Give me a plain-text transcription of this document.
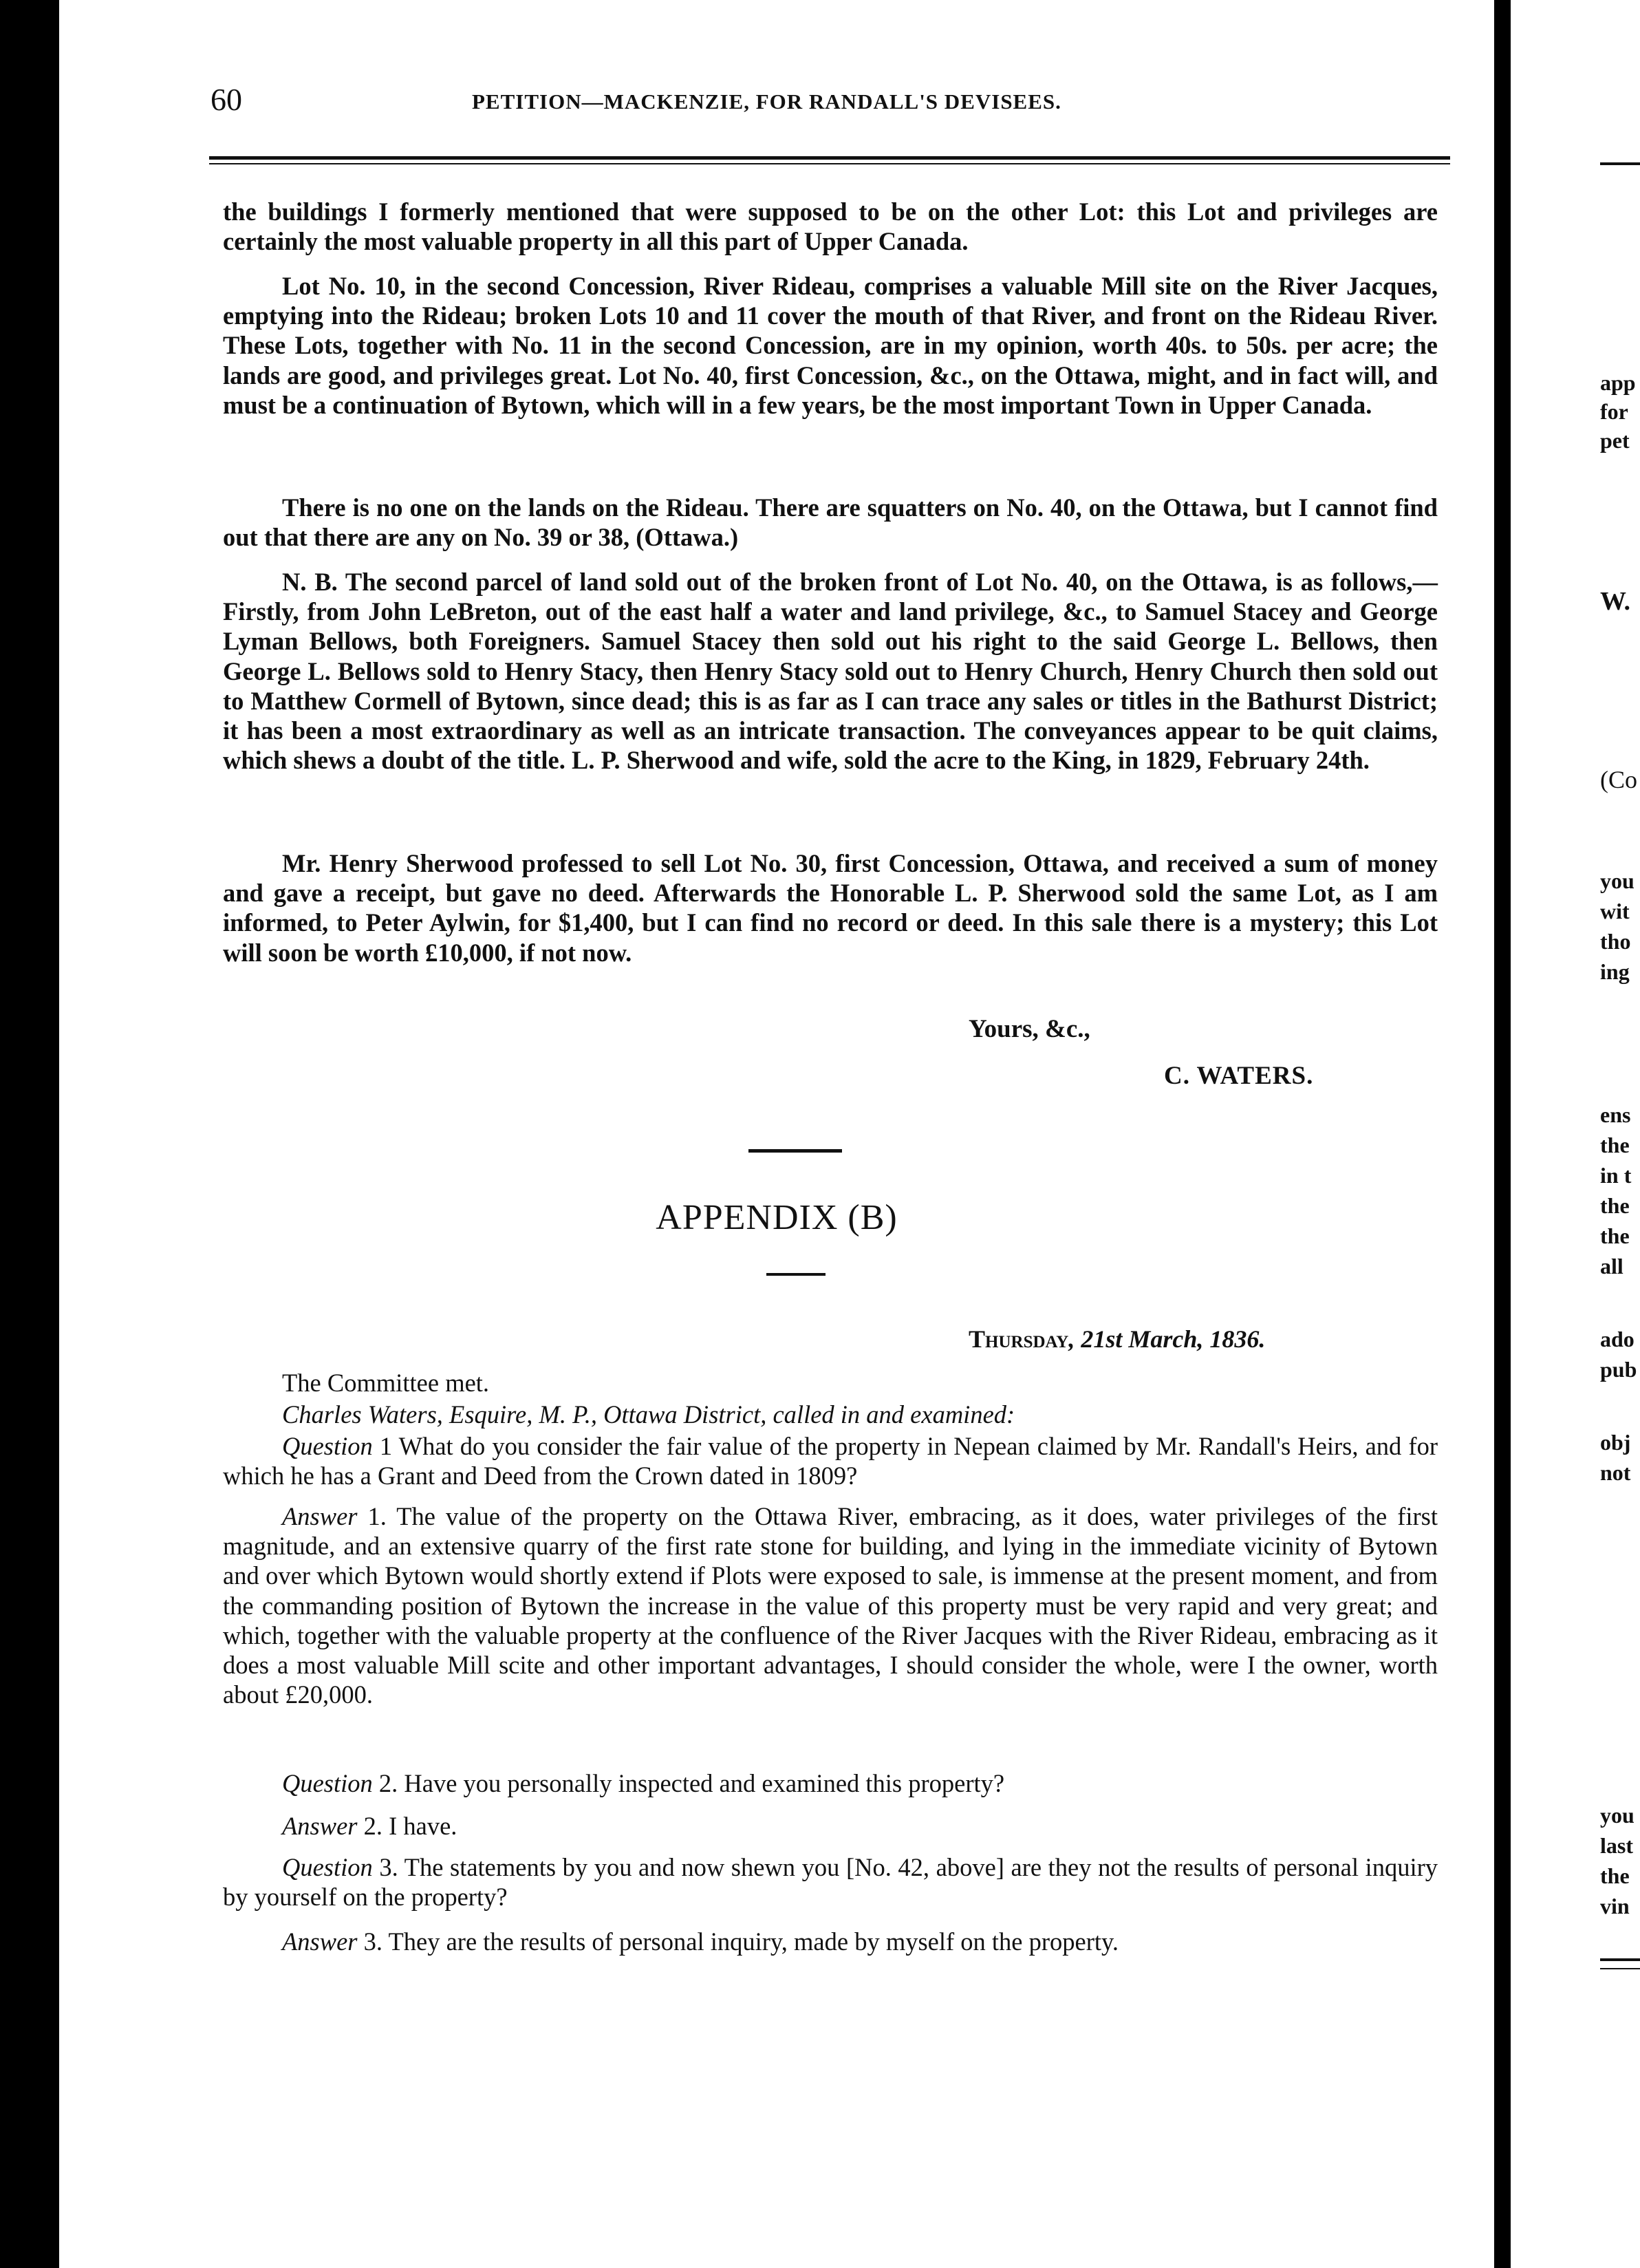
60	PETITION—MACKENZIE, FOR RANDALL'S DEVISEES.

the buildings I formerly mentioned that were supposed to be on the other Lot: this Lot and privileges are certainly the most valuable property in all this part of Upper Canada.

Lot No. 10, in the second Concession, River Rideau, comprises a valuable Mill site on the River Jacques, emptying into the Rideau; broken Lots 10 and 11 cover the mouth of that River, and front on the Rideau River. These Lots, together with No. 11 in the second Concession, are in my opinion, worth 40s. to 50s. per acre; the lands are good, and privileges great. Lot No. 40, first Concession, &c., on the Ottawa, might, and in fact will, and must be a continuation of Bytown, which will in a few years, be the most important Town in Upper Canada.

There is no one on the lands on the Rideau. There are squatters on No. 40, on the Ottawa, but I cannot find out that there are any on No. 39 or 38, (Ottawa.)

N. B. The second parcel of land sold out of the broken front of Lot No. 40, on the Ottawa, is as follows,—Firstly, from John LeBreton, out of the east half a water and land privilege, &c., to Samuel Stacey and George Lyman Bellows, both Foreigners. Samuel Stacey then sold out his right to the said George L. Bellows, then George L. Bellows sold to Henry Stacy, then Henry Stacy sold out to Henry Church, Henry Church then sold out to Matthew Cormell of Bytown, since dead; this is as far as I can trace any sales or titles in the Bathurst District; it has been a most extraordinary as well as an intricate transaction. The conveyances appear to be quit claims, which shews a doubt of the title. L. P. Sherwood and wife, sold the acre to the King, in 1829, February 24th.

Mr. Henry Sherwood professed to sell Lot No. 30, first Concession, Ottawa, and received a sum of money and gave a receipt, but gave no deed. Afterwards the Honorable L. P. Sherwood sold the same Lot, as I am informed, to Peter Aylwin, for $1,400, but I can find no record or deed. In this sale there is a mystery; this Lot will soon be worth £10,000, if not now.

Yours, &c.,
C. WATERS.
APPENDIX (B)
Thursday, 21st March, 1836.

The Committee met.

Charles Waters, Esquire, M. P., Ottawa District, called in and examined:

Question 1 What do you consider the fair value of the property in Nepean claimed by Mr. Randall's Heirs, and for which he has a Grant and Deed from the Crown dated in 1809?

Answer 1. The value of the property on the Ottawa River, embracing, as it does, water privileges of the first magnitude, and an extensive quarry of the first rate stone for building, and lying in the immediate vicinity of Bytown and over which Bytown would shortly extend if Plots were exposed to sale, is immense at the present moment, and from the commanding position of Bytown the increase in the value of this property must be very rapid and very great; and which, together with the valuable property at the confluence of the River Jacques with the River Rideau, embracing as it does a most valuable Mill scite and other important advantages, I should consider the whole, were I the owner, worth about £20,000.

Question 2. Have you personally inspected and examined this property?

Answer 2. I have.

Question 3. The statements by you and now shewn you [No. 42, above] are they not the results of personal inquiry by yourself on the property?

Answer 3. They are the results of personal inquiry, made by myself on the property.

app
for
pet
W.
(Co
you
wit
tho
ing
ens
the
in t
the
the
all
ado
pub
obj
not
you
last
the
vin
